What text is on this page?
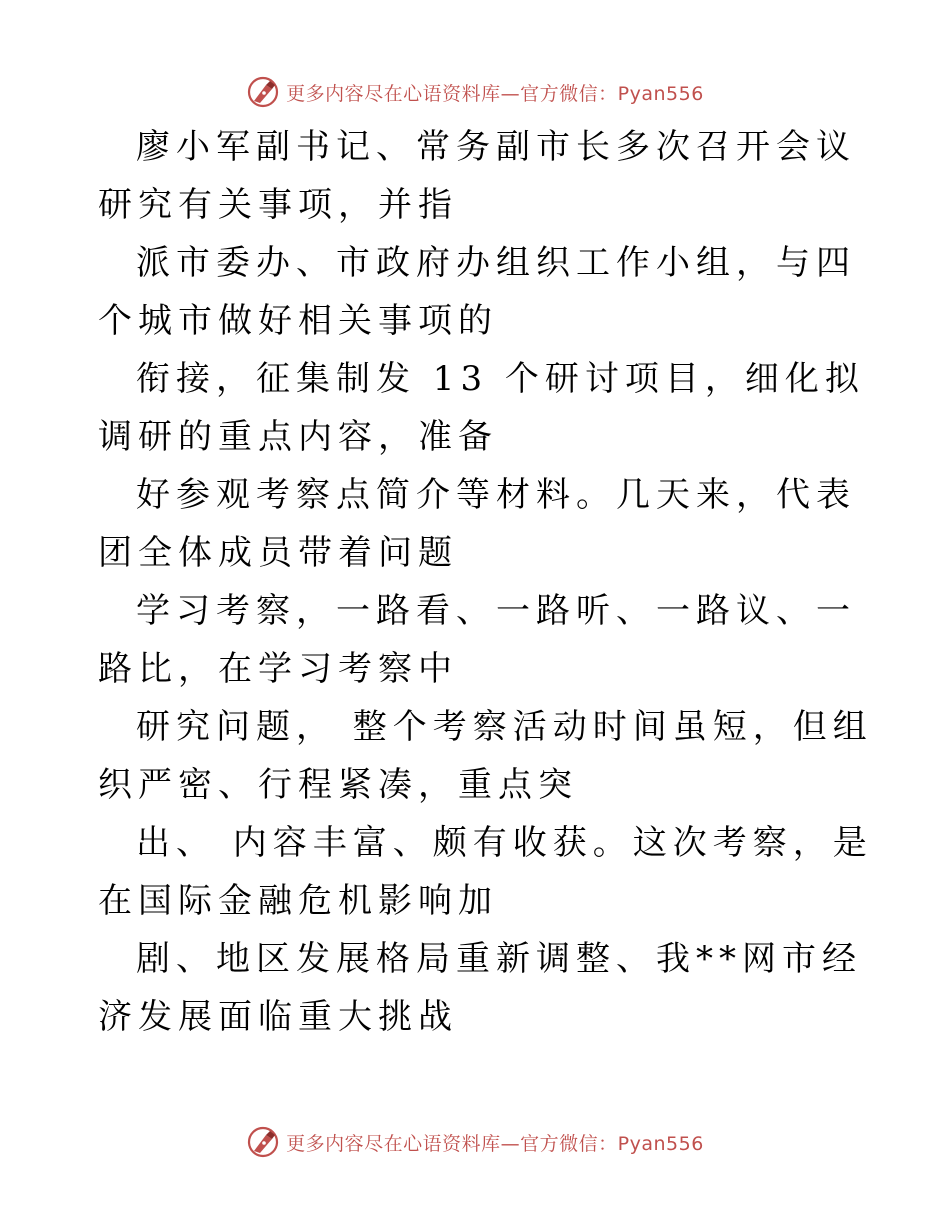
更多内容尽在心语资料库—官方微信：Pyan556

廖小军副书记、常务副市长多次召开会议研究有关事项，并指

派市委办、市政府办组织工作小组，与四个城市做好相关事项的

衔接，征集制发 13 个研讨项目，细化拟调研的重点内容，准备

好参观考察点简介等材料。几天来，代表团全体成员带着问题

学习考察，一路看、一路听、一路议、一路比，在学习考察中

研究问题， 整个考察活动时间虽短，但组织严密、行程紧凑，重点突

出、 内容丰富、颇有收获。这次考察，是在国际金融危机影响加

剧、地区发展格局重新调整、我**网市经济发展面临重大挑战

更多内容尽在心语资料库—官方微信：Pyan556
